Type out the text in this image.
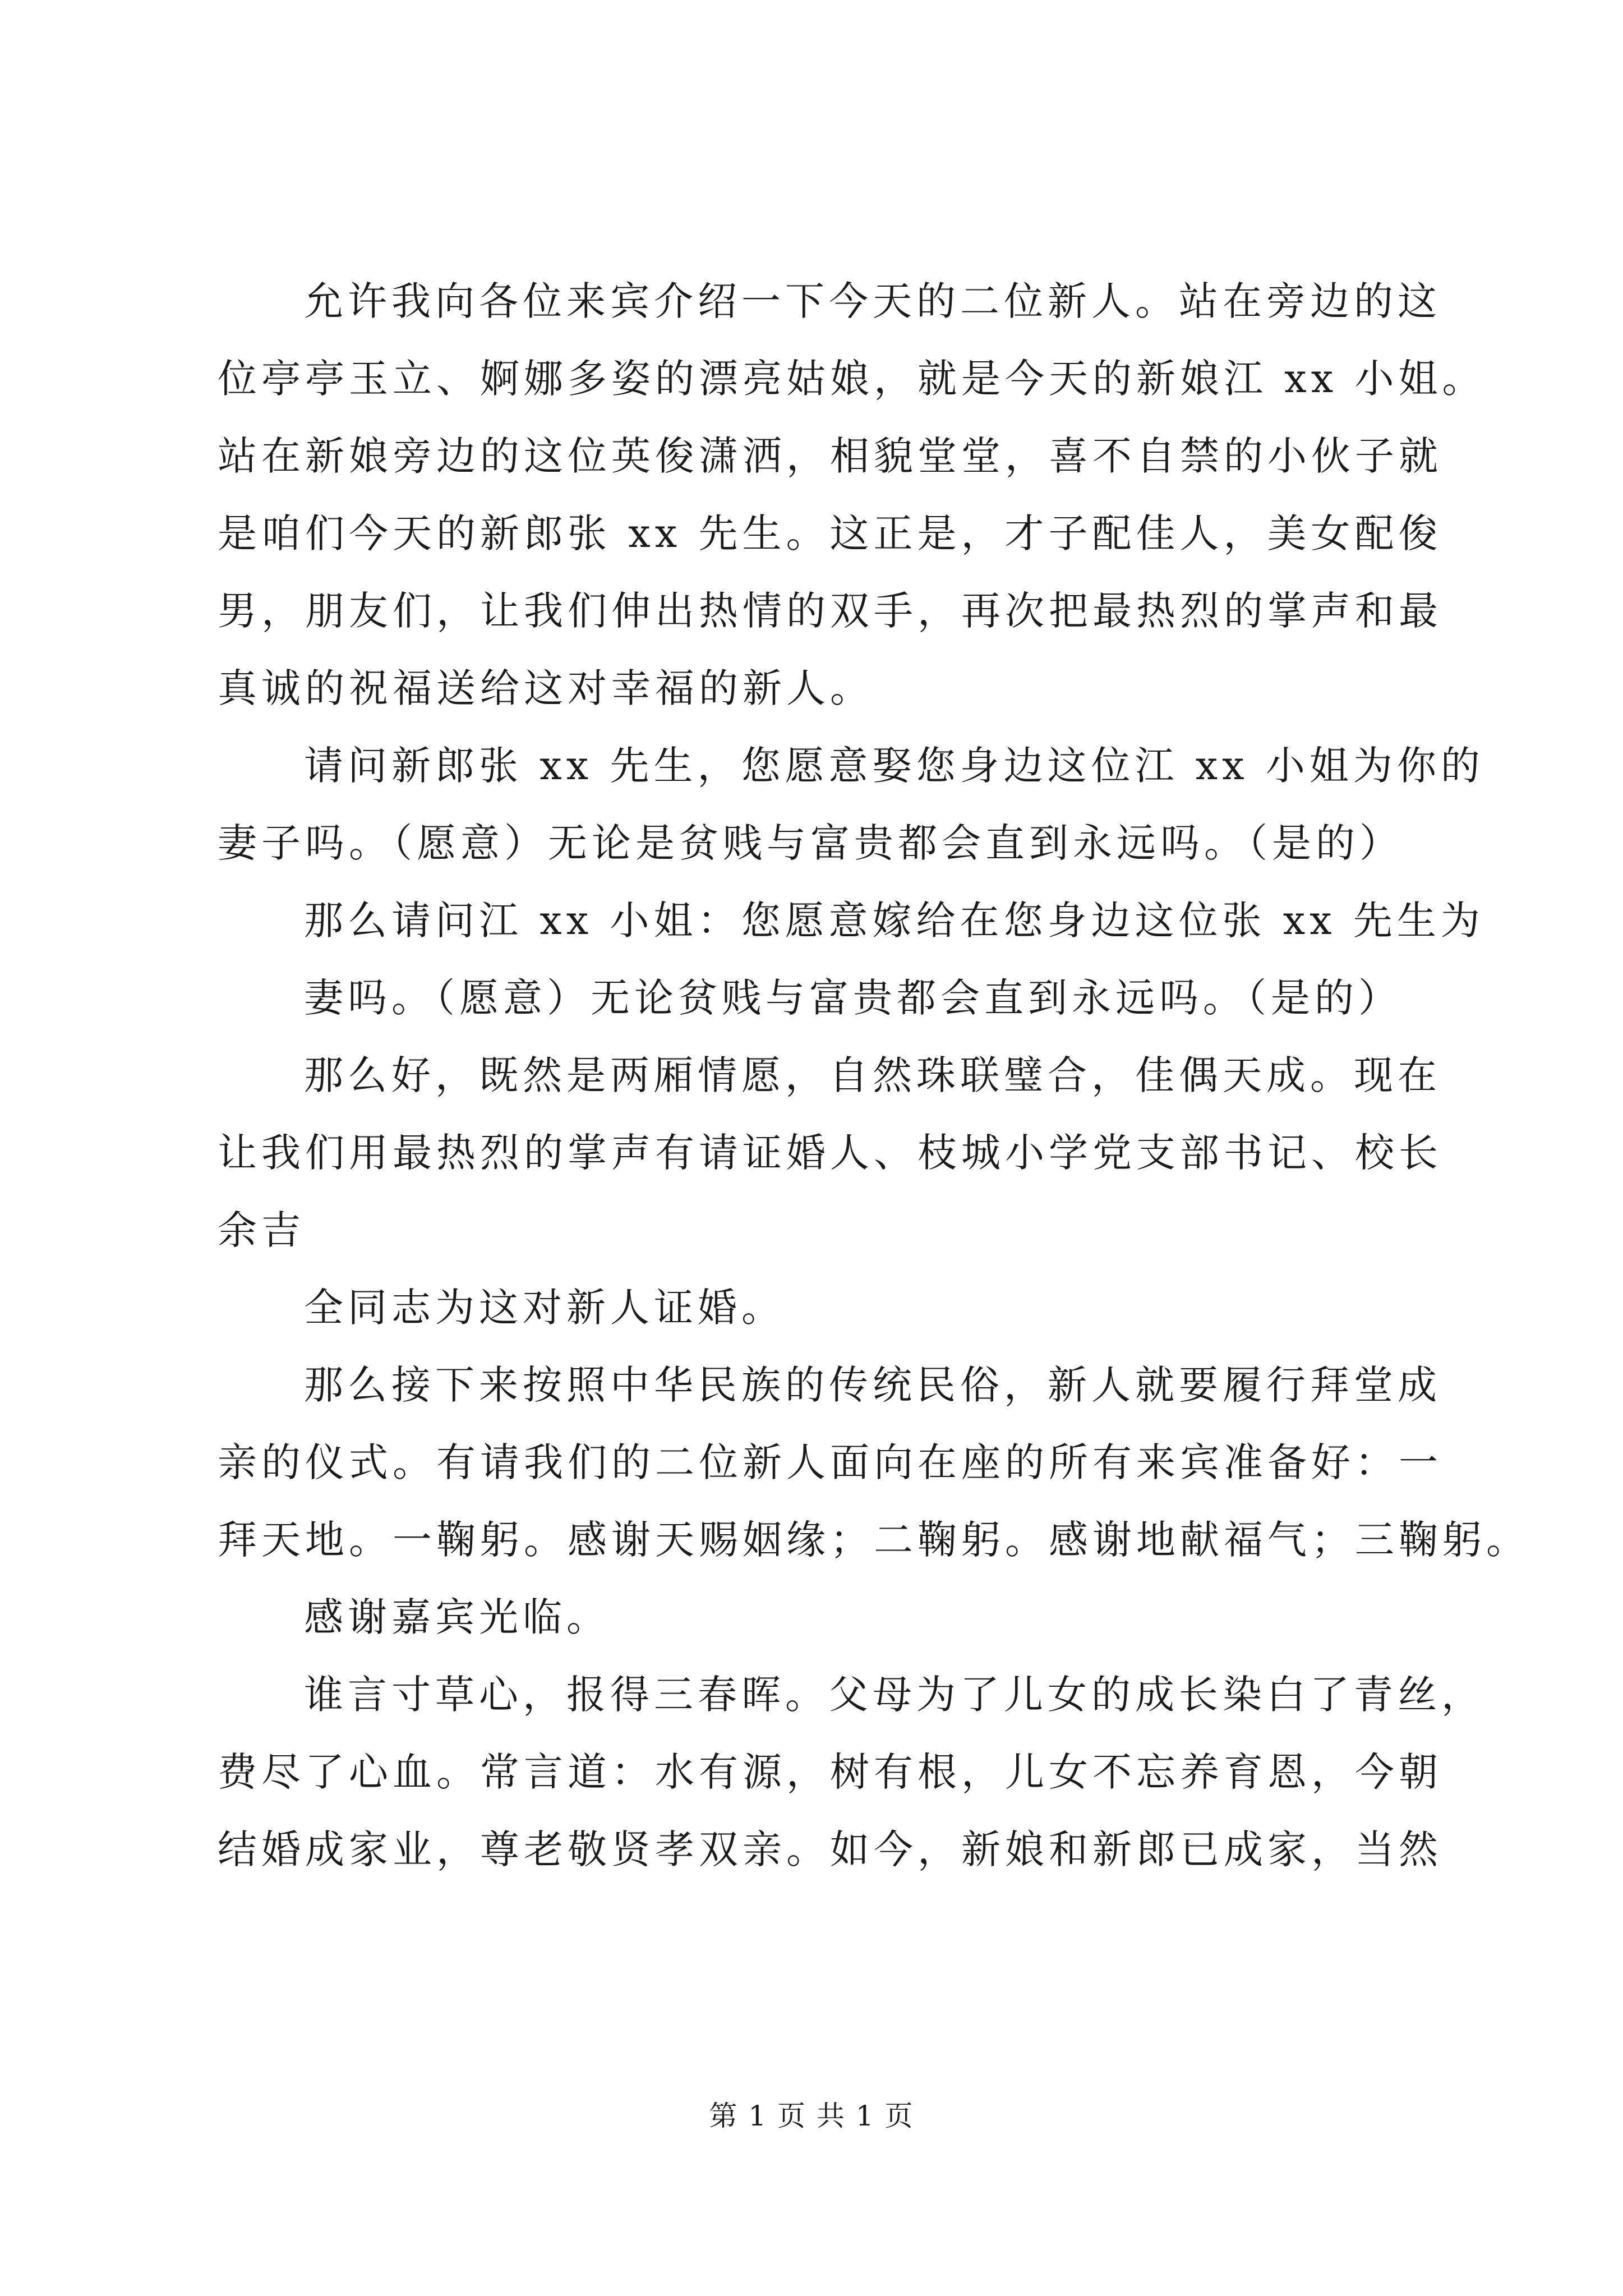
允许我向各位来宾介绍一下今天的二位新人。站在旁边的这
位亭亭玉立、婀娜多姿的漂亮姑娘，就是今天的新娘江 xx 小姐。
站在新娘旁边的这位英俊潇洒，相貌堂堂，喜不自禁的小伙子就
是咱们今天的新郎张 xx 先生。这正是，才子配佳人，美女配俊
男，朋友们，让我们伸出热情的双手，再次把最热烈的掌声和最
真诚的祝福送给这对幸福的新人。
请问新郎张 xx 先生，您愿意娶您身边这位江 xx 小姐为你的
妻子吗。（愿意）无论是贫贱与富贵都会直到永远吗。（是的）
那么请问江 xx 小姐：您愿意嫁给在您身边这位张 xx 先生为
妻吗。（愿意）无论贫贱与富贵都会直到永远吗。（是的）
那么好，既然是两厢情愿，自然珠联璧合，佳偶天成。现在
让我们用最热烈的掌声有请证婚人、枝城小学党支部书记、校长
余吉
全同志为这对新人证婚。
那么接下来按照中华民族的传统民俗，新人就要履行拜堂成
亲的仪式。有请我们的二位新人面向在座的所有来宾准备好：一
拜天地。一鞠躬。感谢天赐姻缘；二鞠躬。感谢地献福气；三鞠躬。
感谢嘉宾光临。
谁言寸草心，报得三春晖。父母为了儿女的成长染白了青丝，
费尽了心血。常言道：水有源，树有根，儿女不忘养育恩，今朝
结婚成家业，尊老敬贤孝双亲。如今，新娘和新郎已成家，当然
第 1 页 共 1 页
